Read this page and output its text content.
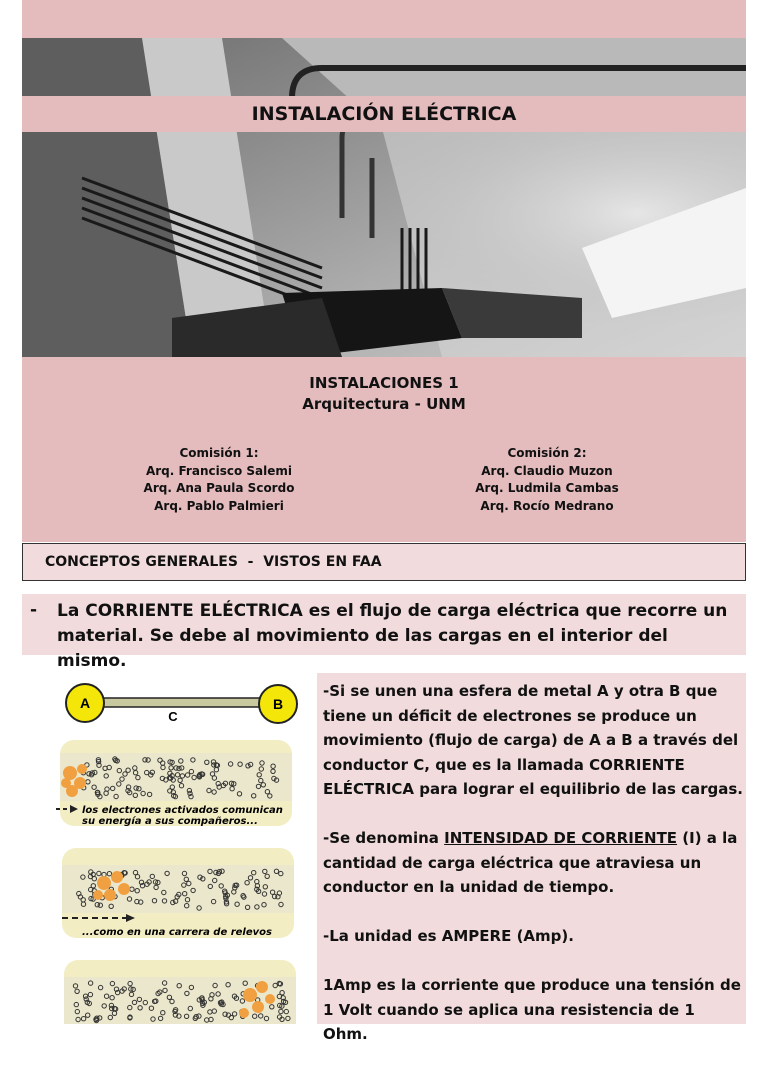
INSTALACIÓN ELÉCTRICA
INSTALACIONES 1
Arquitectura - UNM
Comisión 1:
Arq. Francisco Salemi
Arq. Ana Paula Scordo
Arq. Pablo Palmieri
Comisión 2:
Arq. Claudio Muzon
Arq. Ludmila Cambas
Arq. Rocío Medrano
CONCEPTOS GENERALES  -  VISTOS EN FAA
- La CORRIENTE ELÉCTRICA es el flujo de carga eléctrica que recorre un material. Se debe al movimiento de las cargas en el interior del mismo.
A	B
C
los electrones activados comunican
su energía a sus compañeros...
...como en una carrera de relevos

-Si se unen una esfera de metal A y otra B que tiene un déficit de electrones se produce un movimiento (flujo de carga) de A a B a través del conductor C, que es la llamada CORRIENTE ELÉCTRICA para lograr el equilibrio de las cargas.

-Se denomina INTENSIDAD DE CORRIENTE (I) a la cantidad de carga eléctrica que atraviesa un conductor en la unidad de tiempo.

-La unidad es AMPERE (Amp).

1Amp es la corriente que produce una tensión de 1 Volt cuando se aplica una resistencia de 1 Ohm.
